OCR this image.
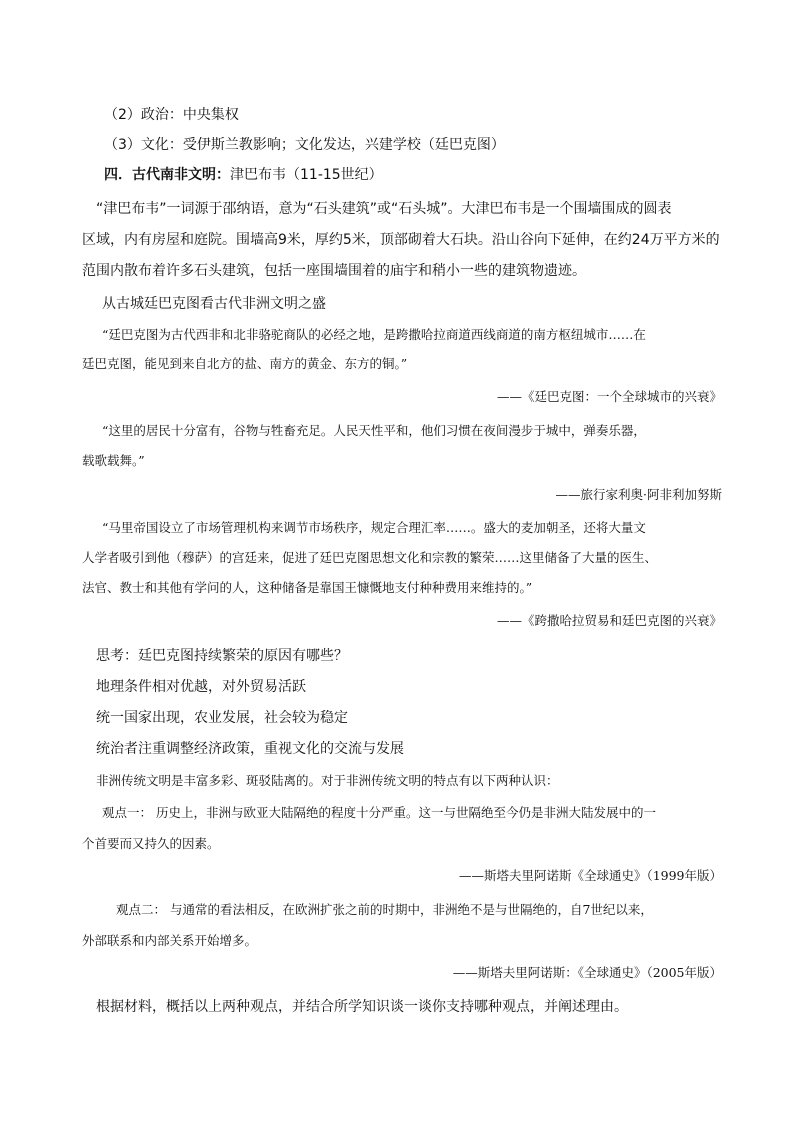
（2）政治：中央集权
（3）文化：受伊斯兰教影响；文化发达，兴建学校（廷巴克图）
四．古代南非文明：津巴布韦（11-15世纪）
“津巴布韦”一词源于邵纳语，意为“石头建筑”或“石头城”。大津巴布韦是一个围墙围成的圆表
区域，内有房屋和庭院。围墙高9米，厚约5米，顶部砌着大石块。沿山谷向下延伸，在约24万平方米的
范围内散布着许多石头建筑，包括一座围墙围着的庙宇和稍小一些的建筑物遗迹。
从古城廷巴克图看古代非洲文明之盛
“廷巴克图为古代西非和北非骆驼商队的必经之地，是跨撒哈拉商道西线商道的南方枢纽城市……在
廷巴克图，能见到来自北方的盐、南方的黄金、东方的铜。”
——《廷巴克图：一个全球城市的兴衰》
“这里的居民十分富有，谷物与牲畜充足。人民天性平和，他们习惯在夜间漫步于城中，弹奏乐器，
载歌载舞。”
——旅行家利奥·阿非利加努斯
“马里帝国设立了市场管理机构来调节市场秩序，规定合理汇率……。盛大的麦加朝圣，还将大量文
人学者吸引到他（穆萨）的宫廷来，促进了廷巴克图思想文化和宗教的繁荣……这里储备了大量的医生、
法官、教士和其他有学问的人，这种储备是靠国王慷慨地支付种种费用来维持的。”
——《跨撒哈拉贸易和廷巴克图的兴衰》
思考：廷巴克图持续繁荣的原因有哪些？
地理条件相对优越，对外贸易活跃
统一国家出现，农业发展，社会较为稳定
统治者注重调整经济政策，重视文化的交流与发展
非洲传统文明是丰富多彩、斑驳陆离的。对于非洲传统文明的特点有以下两种认识：
观点一： 历史上，非洲与欧亚大陆隔绝的程度十分严重。这一与世隔绝至今仍是非洲大陆发展中的一
个首要而又持久的因素。
——斯塔夫里阿诺斯《全球通史》（1999年版）
观点二： 与通常的看法相反，在欧洲扩张之前的时期中，非洲绝不是与世隔绝的，自7世纪以来，
外部联系和内部关系开始增多。
——斯塔夫里阿诺斯：《全球通史》（2005年版）
根据材料，概括以上两种观点，并结合所学知识谈一谈你支持哪种观点，并阐述理由。
